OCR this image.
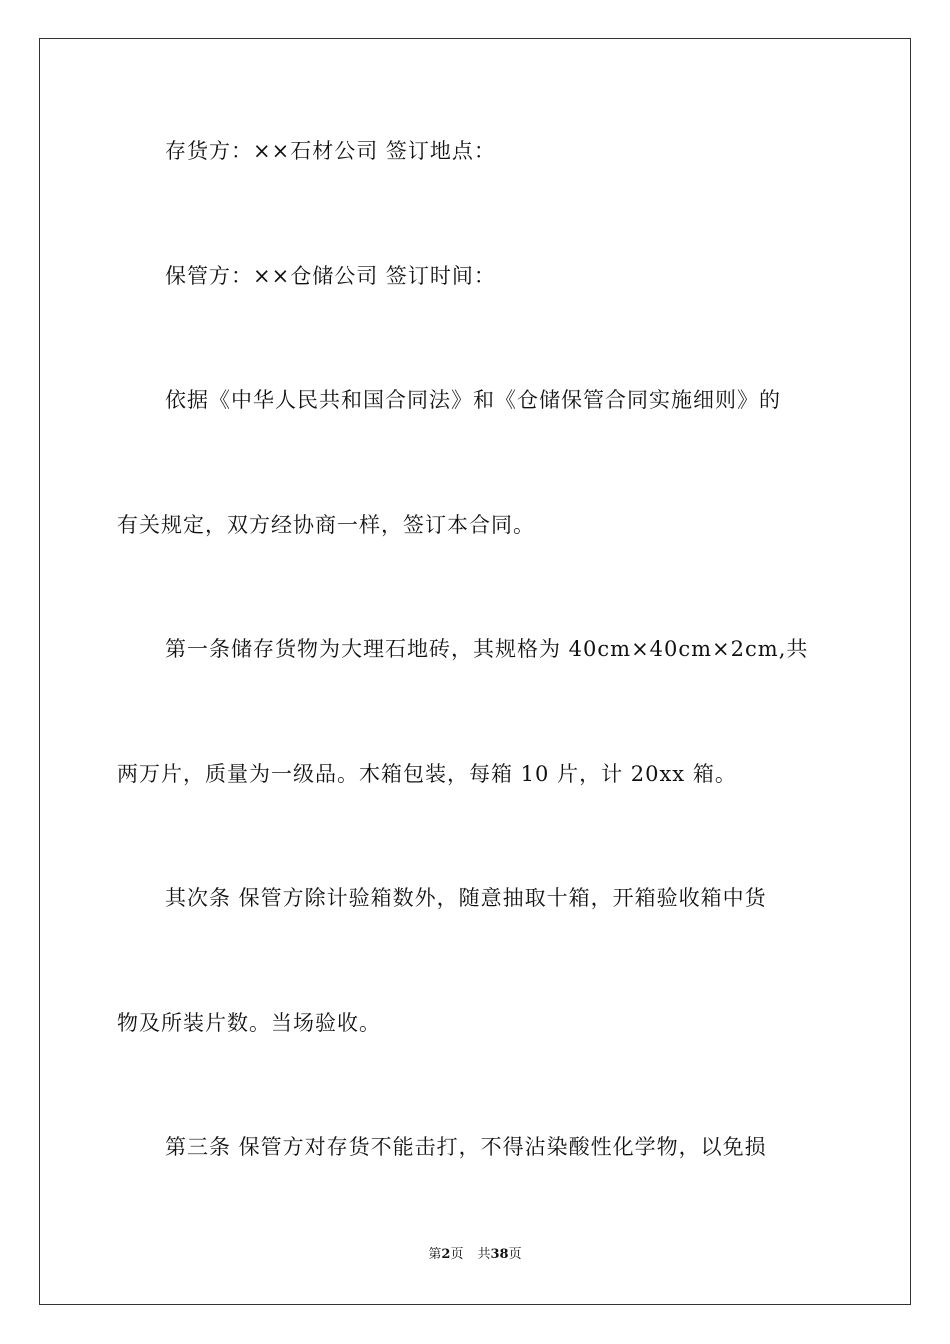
存货方：××石材公司 签订地点：
保管方：××仓储公司 签订时间：
依据《中华人民共和国合同法》和《仓储保管合同实施细则》的
有关规定，双方经协商一样，签订本合同。
第一条储存货物为大理石地砖，其规格为 40cm×40cm×2cm,共
两万片，质量为一级品。木箱包装，每箱 10 片，计 20xx 箱。
其次条 保管方除计验箱数外，随意抽取十箱，开箱验收箱中货
物及所装片数。当场验收。
第三条 保管方对存货不能击打，不得沾染酸性化学物，以免损
第2页 共38页
